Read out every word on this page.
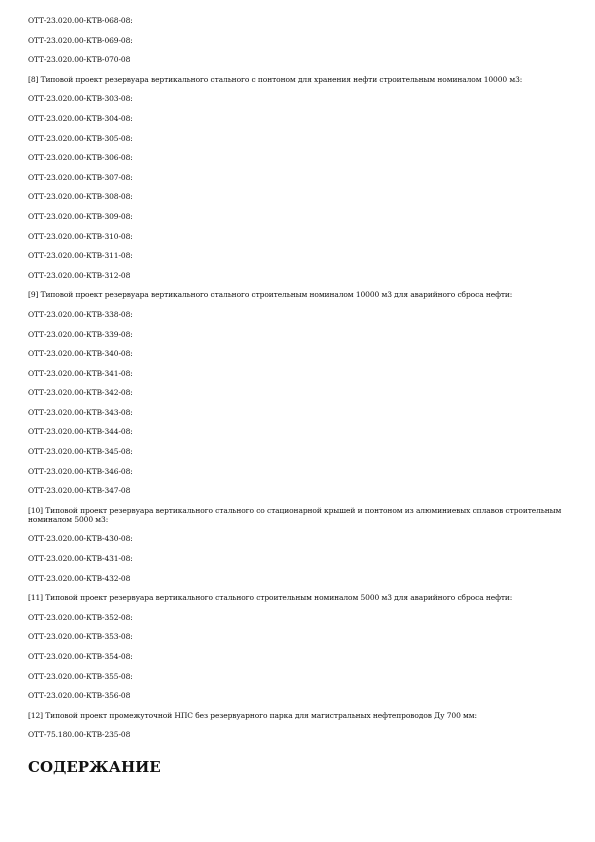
ОТТ-23.020.00-КТВ-068-08:

ОТТ-23.020.00-КТВ-069-08:

ОТТ-23.020.00-КТВ-070-08

[8] Типовой проект резервуара вертикального стального с понтоном для хранения нефти строительным номиналом 10000 м3:

ОТТ-23.020.00-КТВ-303-08:

ОТТ-23.020.00-КТВ-304-08:

ОТТ-23.020.00-КТВ-305-08:

ОТТ-23.020.00-КТВ-306-08:

ОТТ-23.020.00-КТВ-307-08:

ОТТ-23.020.00-КТВ-308-08:

ОТТ-23.020.00-КТВ-309-08:

ОТТ-23.020.00-КТВ-310-08:

ОТТ-23.020.00-КТВ-311-08:

ОТТ-23.020.00-КТВ-312-08

[9] Типовой проект резервуара вертикального стального строительным номиналом 10000 м3 для аварийного сброса нефти:

ОТТ-23.020.00-КТВ-338-08:

ОТТ-23.020.00-КТВ-339-08:

ОТТ-23.020.00-КТВ-340-08:

ОТТ-23.020.00-КТВ-341-08:

ОТТ-23.020.00-КТВ-342-08:

ОТТ-23.020.00-КТВ-343-08:

ОТТ-23.020.00-КТВ-344-08:

ОТТ-23.020.00-КТВ-345-08:

ОТТ-23.020.00-КТВ-346-08:

ОТТ-23.020.00-КТВ-347-08

[10] Типовой проект резервуара вертикального стального со стационарной крышей и понтоном из алюминиевых сплавов строительным номиналом 5000 м3:

ОТТ-23.020.00-КТВ-430-08:

ОТТ-23.020.00-КТВ-431-08:

ОТТ-23.020.00-КТВ-432-08

[11] Типовой проект резервуара вертикального стального строительным номиналом 5000 м3 для аварийного сброса нефти:

ОТТ-23.020.00-КТВ-352-08:

ОТТ-23.020.00-КТВ-353-08:

ОТТ-23.020.00-КТВ-354-08:

ОТТ-23.020.00-КТВ-355-08:

ОТТ-23.020.00-КТВ-356-08

[12] Типовой проект промежуточной НПС без резервуарного парка для магистральных нефтепроводов Ду 700 мм:

ОТТ-75.180.00-КТВ-235-08

СОДЕРЖАНИЕ
